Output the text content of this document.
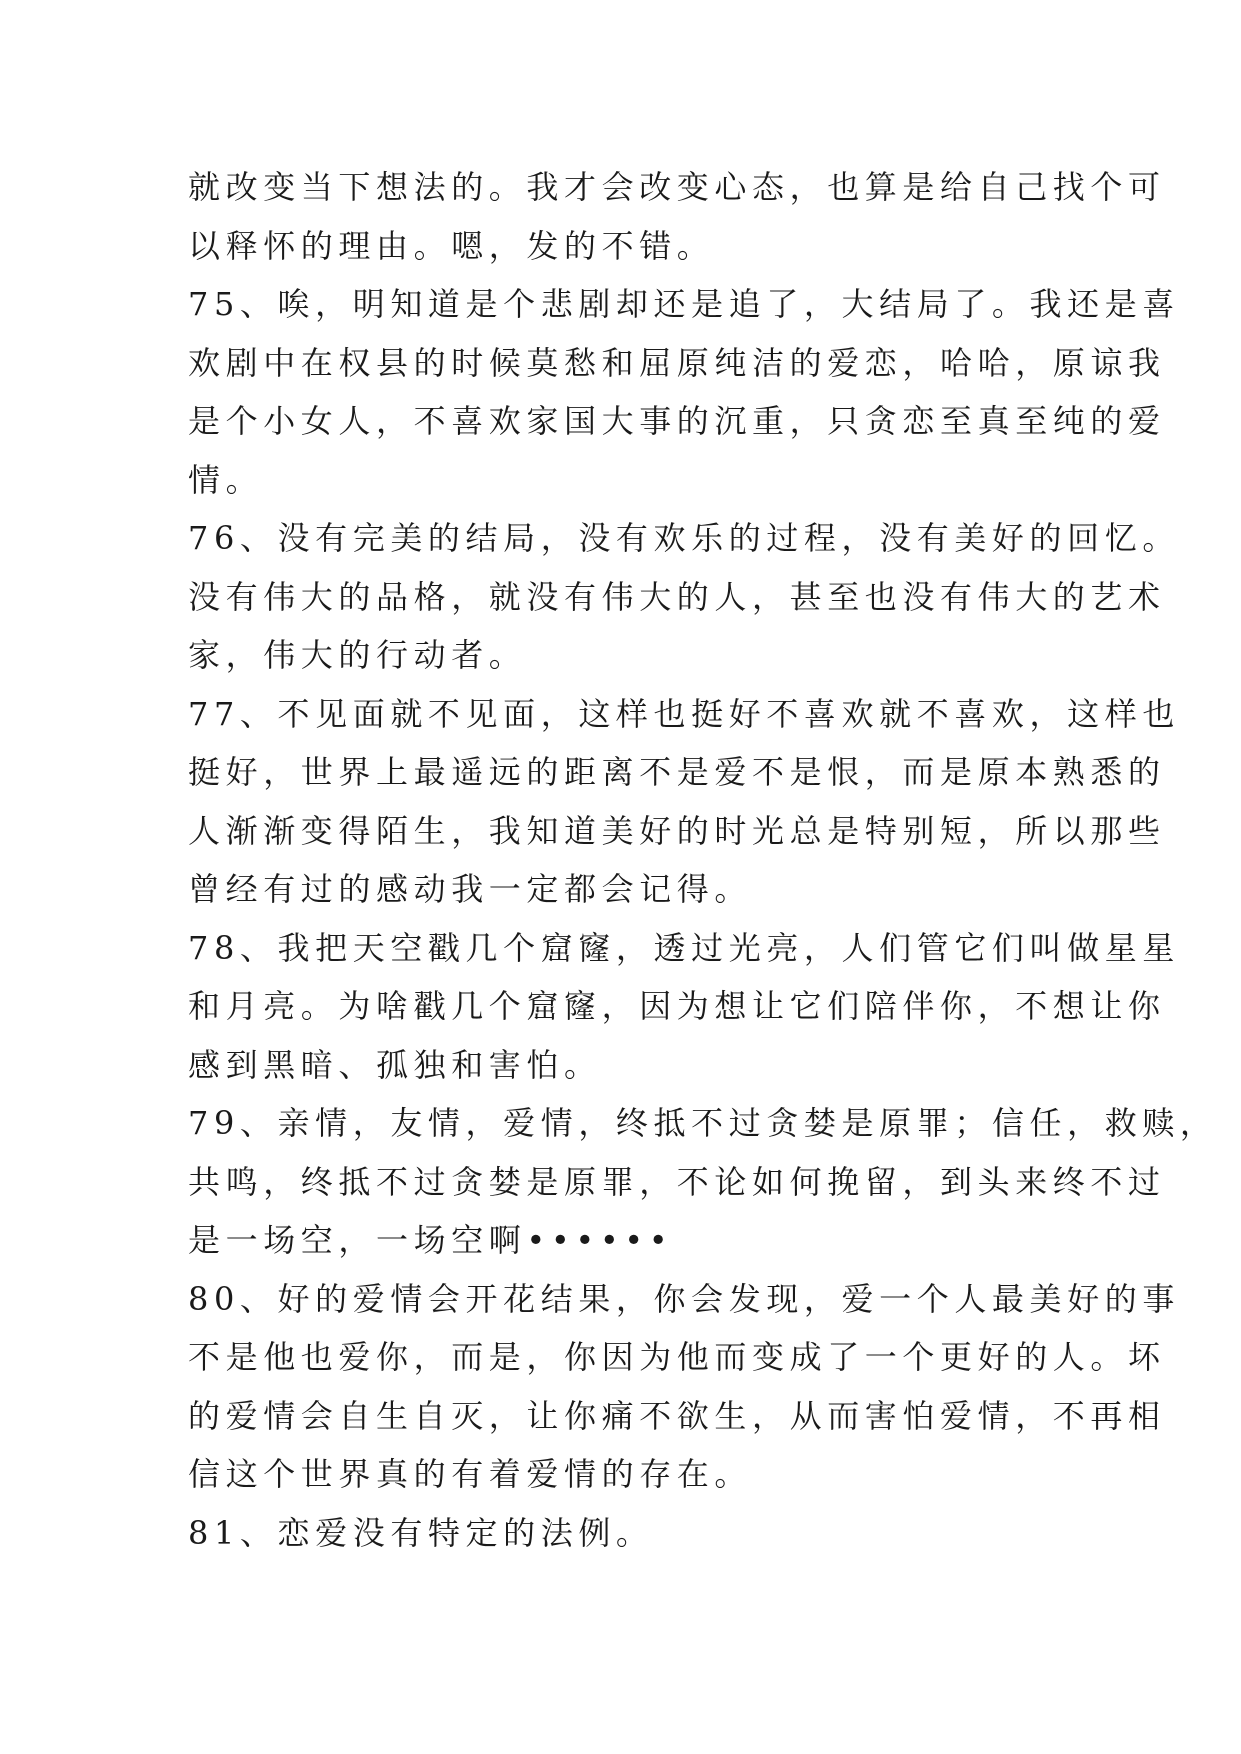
就改变当下想法的。我才会改变心态，也算是给自己找个可
以释怀的理由。嗯，发的不错。
75、唉，明知道是个悲剧却还是追了，大结局了。我还是喜
欢剧中在权县的时候莫愁和屈原纯洁的爱恋，哈哈，原谅我
是个小女人，不喜欢家国大事的沉重，只贪恋至真至纯的爱
情。
76、没有完美的结局，没有欢乐的过程，没有美好的回忆。
没有伟大的品格，就没有伟大的人，甚至也没有伟大的艺术
家，伟大的行动者。
77、不见面就不见面，这样也挺好不喜欢就不喜欢，这样也
挺好，世界上最遥远的距离不是爱不是恨，而是原本熟悉的
人渐渐变得陌生，我知道美好的时光总是特别短，所以那些
曾经有过的感动我一定都会记得。
78、我把天空戳几个窟窿，透过光亮，人们管它们叫做星星
和月亮。为啥戳几个窟窿，因为想让它们陪伴你，不想让你
感到黑暗、孤独和害怕。
79、亲情，友情，爱情，终抵不过贪婪是原罪；信任，救赎，
共鸣，终抵不过贪婪是原罪，不论如何挽留，到头来终不过
是一场空，一场空啊••••••
80、好的爱情会开花结果，你会发现，爱一个人最美好的事
不是他也爱你，而是，你因为他而变成了一个更好的人。坏
的爱情会自生自灭，让你痛不欲生，从而害怕爱情，不再相
信这个世界真的有着爱情的存在。
81、恋爱没有特定的法例。
